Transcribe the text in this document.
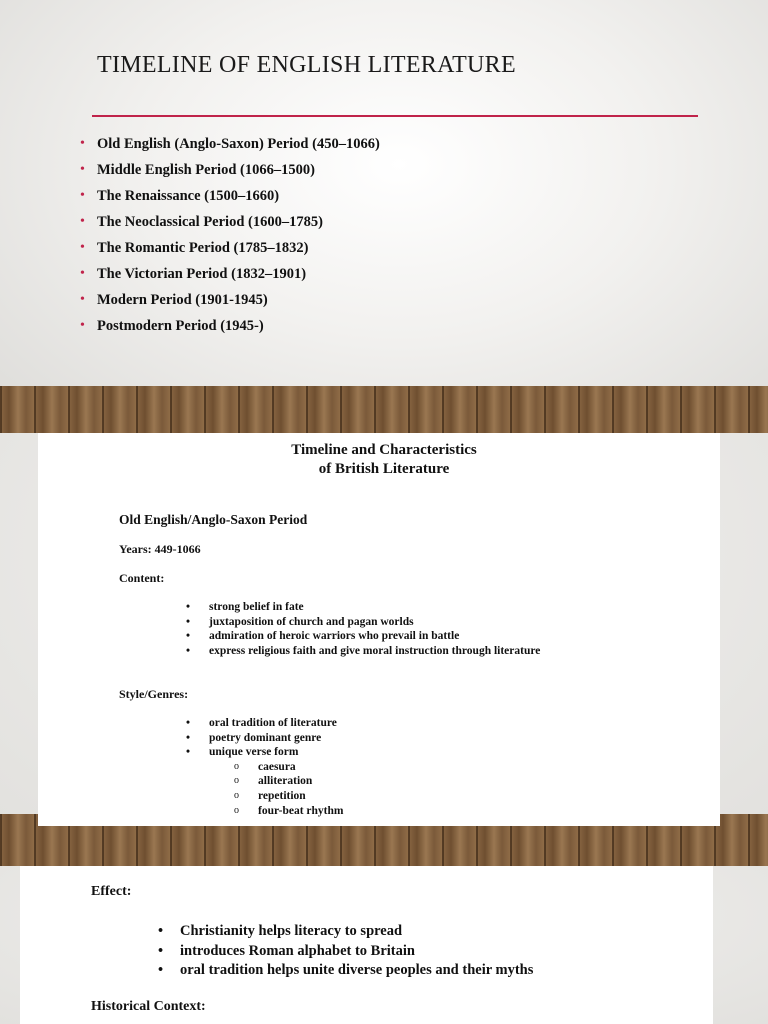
TIMELINE OF ENGLISH LITERATURE
• Old English (Anglo-Saxon) Period (450–1066)
• Middle English Period (1066–1500)
• The Renaissance (1500–1660)
• The Neoclassical Period (1600–1785)
• The Romantic Period (1785–1832)
• The Victorian Period (1832–1901)
• Modern Period (1901-1945)
• Postmodern Period (1945-)
Timeline and Characteristics
of British Literature
Old English/Anglo-Saxon Period
Years: 449-1066
Content:
• strong belief in fate
• juxtaposition of church and pagan worlds
• admiration of heroic warriors who prevail in battle
• express religious faith and give moral instruction through literature
Style/Genres:
• oral tradition of literature
• poetry dominant genre
• unique verse form
o caesura
o alliteration
o repetition
o four-beat rhythm
Effect:
• Christianity helps literacy to spread
• introduces Roman alphabet to Britain
• oral tradition helps unite diverse peoples and their myths
Historical Context:
